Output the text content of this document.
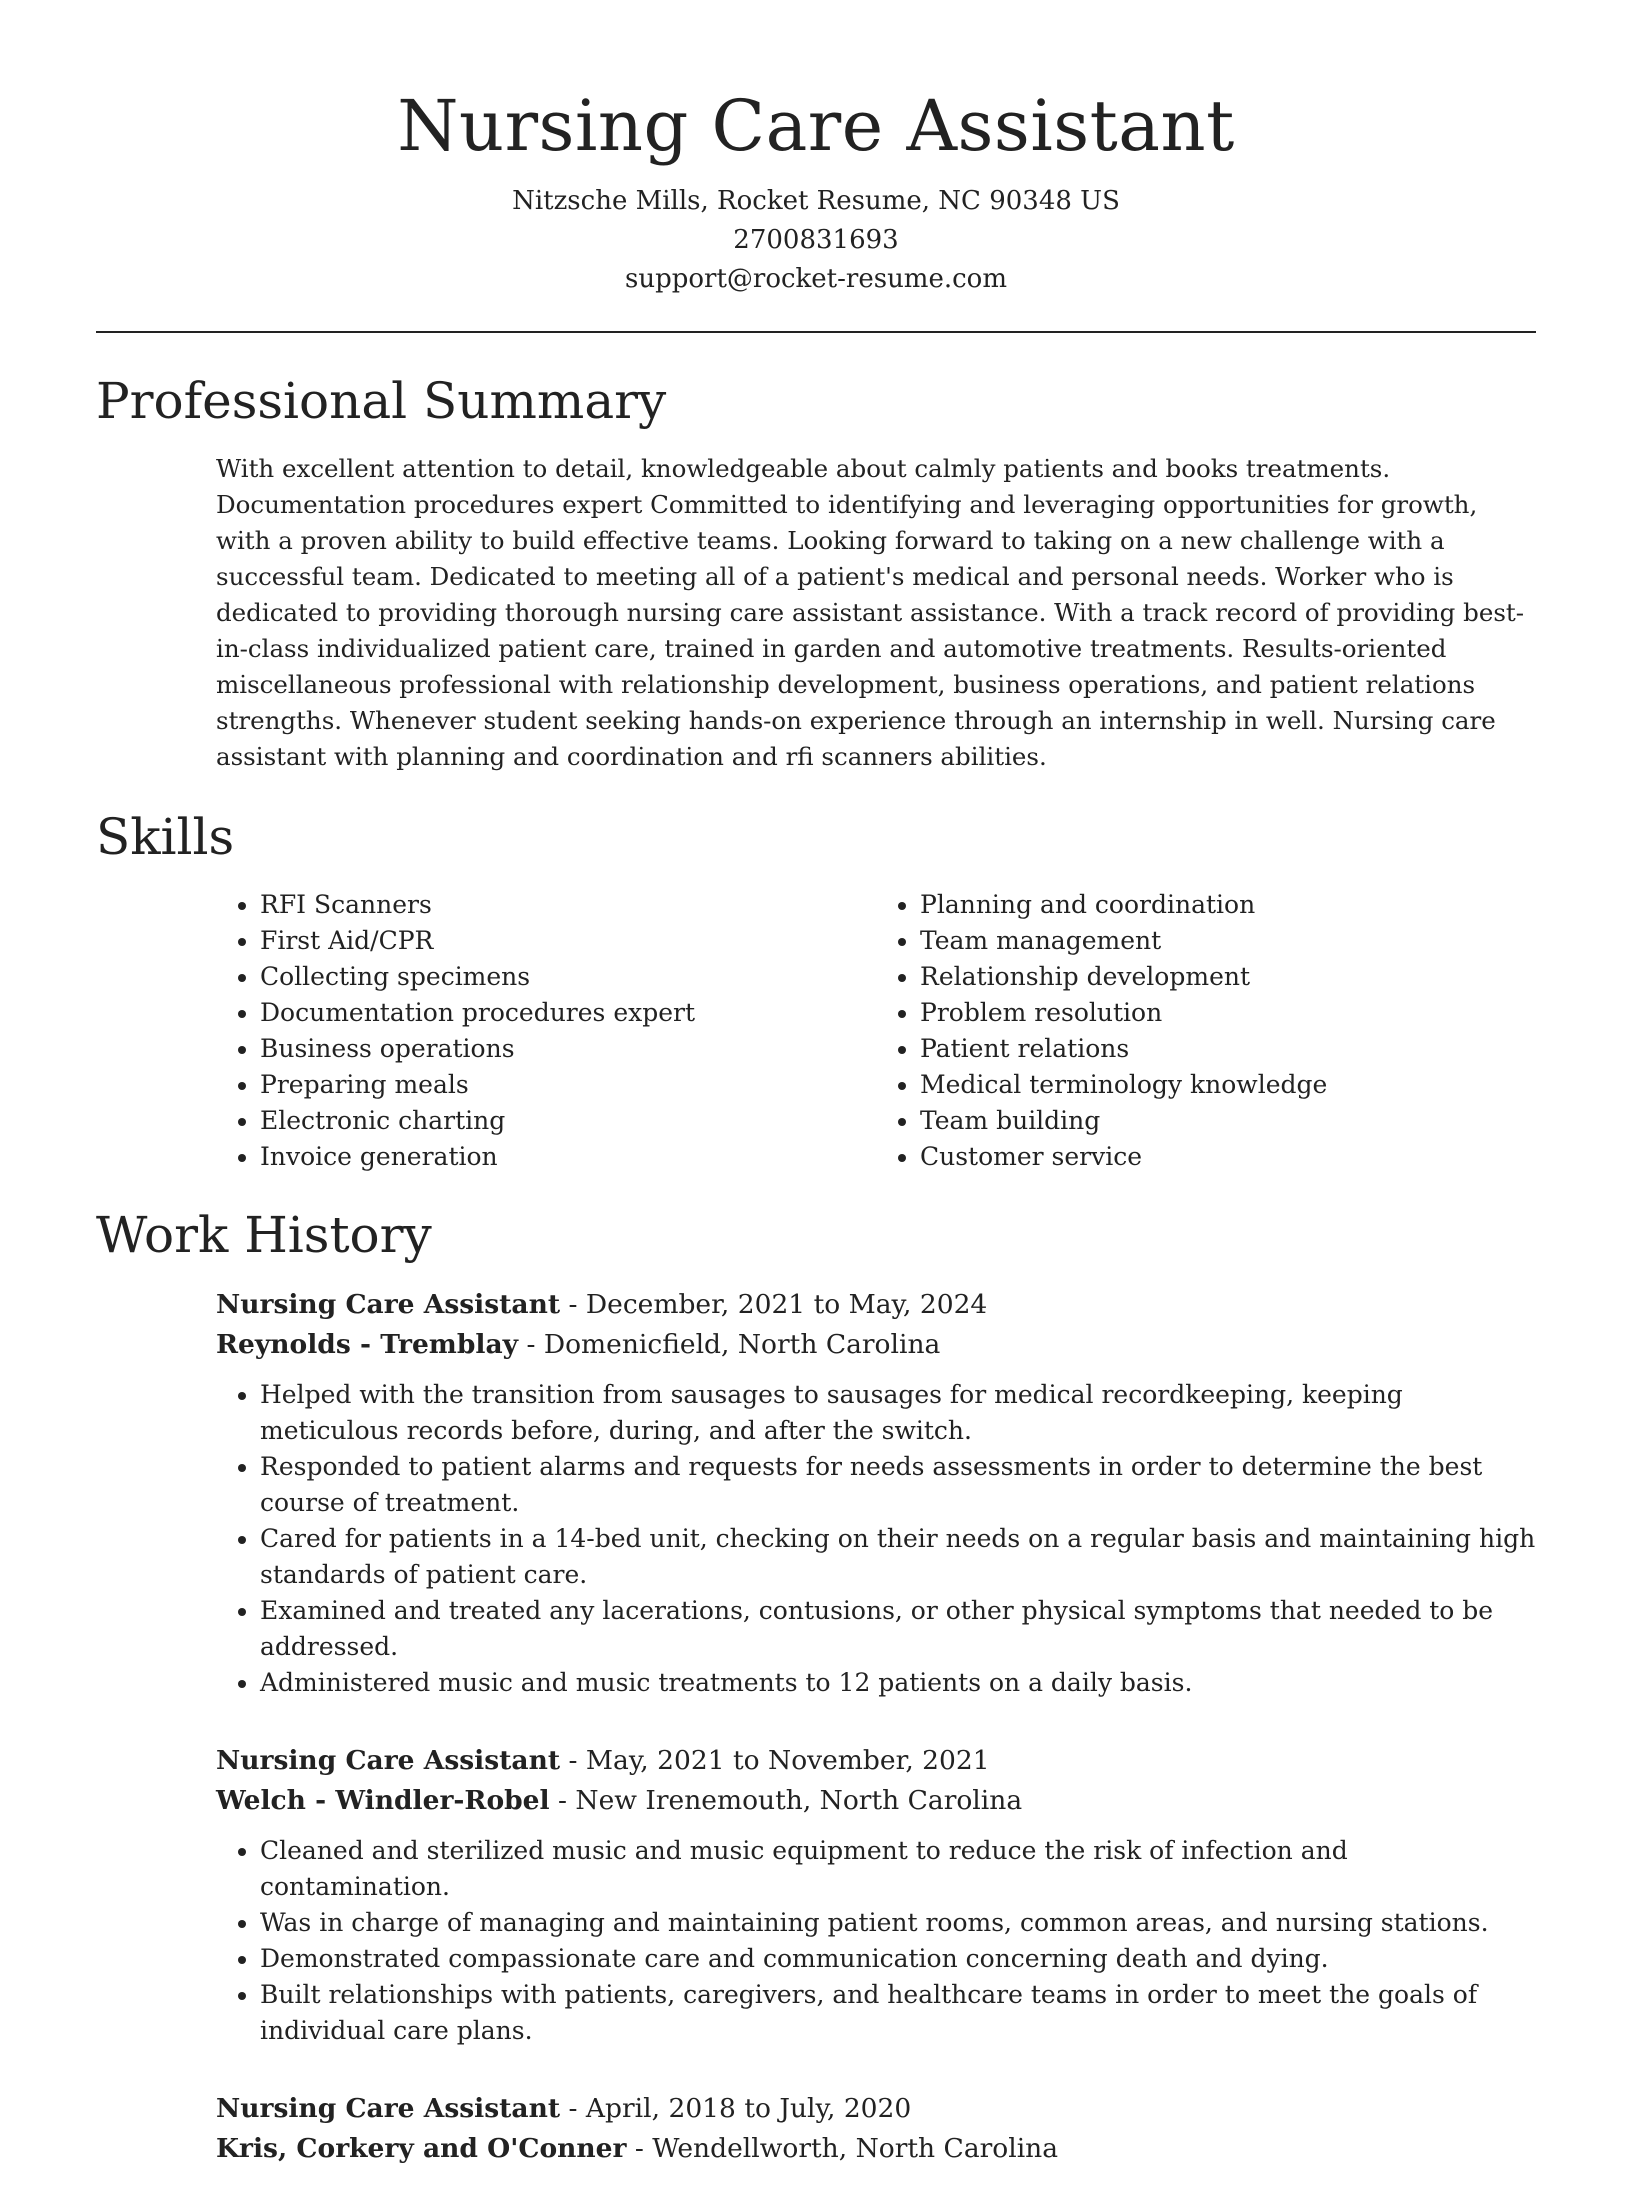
Nursing Care Assistant
Nitzsche Mills, Rocket Resume, NC 90348 US
2700831693
support@rocket-resume.com
Professional Summary

With excellent attention to detail, knowledgeable about calmly patients and books treatments. Documentation procedures expert Committed to identifying and leveraging opportunities for growth, with a proven ability to build effective teams. Looking forward to taking on a new challenge with a successful team. Dedicated to meeting all of a patient's medical and personal needs. Worker who is dedicated to providing thorough nursing care assistant assistance. With a track record of providing best-in-class individualized patient care, trained in garden and automotive treatments. Results-oriented miscellaneous professional with relationship development, business operations, and patient relations strengths. Whenever student seeking hands-on experience through an internship in well. Nursing care assistant with planning and coordination and rfi scanners abilities.

Skills
• RFI Scanners
• First Aid/CPR
• Collecting specimens
• Documentation procedures expert
• Business operations
• Preparing meals
• Electronic charting
• Invoice generation
• Planning and coordination
• Team management
• Relationship development
• Problem resolution
• Patient relations
• Medical terminology knowledge
• Team building
• Customer service
Work History
Nursing Care Assistant - December, 2021 to May, 2024
Reynolds - Tremblay - Domenicfield, North Carolina
• Helped with the transition from sausages to sausages for medical recordkeeping, keeping meticulous records before, during, and after the switch.
• Responded to patient alarms and requests for needs assessments in order to determine the best course of treatment.
• Cared for patients in a 14-bed unit, checking on their needs on a regular basis and maintaining high standards of patient care.
• Examined and treated any lacerations, contusions, or other physical symptoms that needed to be addressed.
• Administered music and music treatments to 12 patients on a daily basis.
Nursing Care Assistant - May, 2021 to November, 2021
Welch - Windler-Robel - New Irenemouth, North Carolina
• Cleaned and sterilized music and music equipment to reduce the risk of infection and contamination.
• Was in charge of managing and maintaining patient rooms, common areas, and nursing stations.
• Demonstrated compassionate care and communication concerning death and dying.
• Built relationships with patients, caregivers, and healthcare teams in order to meet the goals of individual care plans.
Nursing Care Assistant - April, 2018 to July, 2020
Kris, Corkery and O'Conner - Wendellworth, North Carolina
